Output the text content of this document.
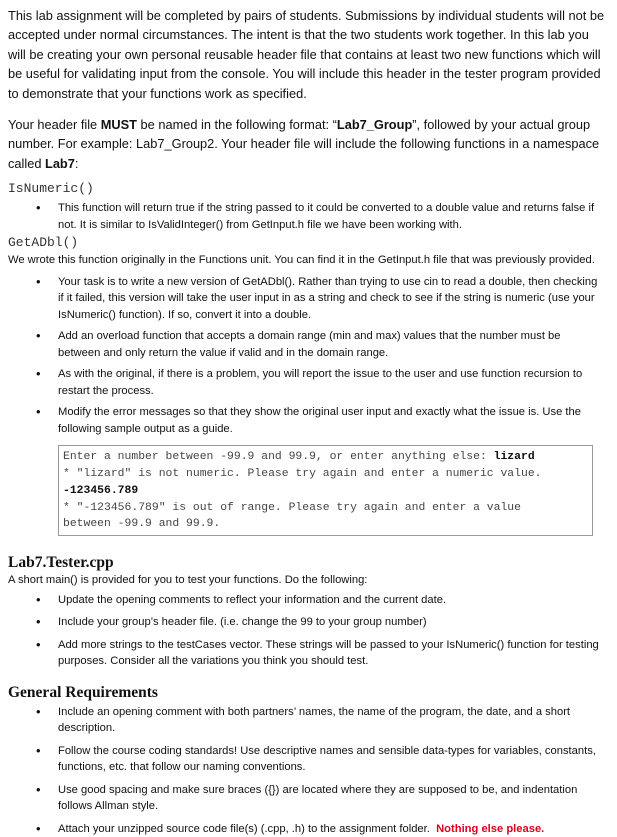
This lab assignment will be completed by pairs of students. Submissions by individual students will not be accepted under normal circumstances. The intent is that the two students work together. In this lab you will be creating your own personal reusable header file that contains at least two new functions which will be useful for validating input from the console. You will include this header in the tester program provided to demonstrate that your functions work as specified.

Your header file MUST be named in the following format: “Lab7_Group”, followed by your actual group number. For example: Lab7_Group2. Your header file will include the following functions in a namespace called Lab7:

IsNumeric()
• This function will return true if the string passed to it could be converted to a double value and returns false if not. It is similar to IsValidInteger() from GetInput.h file we have been working with.
GetADbl()

We wrote this function originally in the Functions unit. You can find it in the GetInput.h file that was previously provided.

• Your task is to write a new version of GetADbl(). Rather than trying to use cin to read a double, then checking if it failed, this version will take the user input in as a string and check to see if the string is numeric (use your IsNumeric() function). If so, convert it into a double.
• Add an overload function that accepts a domain range (min and max) values that the number must be between and only return the value if valid and in the domain range.
• As with the original, if there is a problem, you will report the issue to the user and use function recursion to restart the process.
• Modify the error messages so that they show the original user input and exactly what the issue is. Use the following sample output as a guide.
Enter a number between -99.9 and 99.9, or enter anything else: lizard
* "lizard" is not numeric. Please try again and enter a numeric value.
-123456.789
* "-123456.789" is out of range. Please try again and enter a value
between -99.9 and 99.9.
Lab7.Tester.cpp

A short main() is provided for you to test your functions. Do the following:

• Update the opening comments to reflect your information and the current date.
• Include your group’s header file. (i.e. change the 99 to your group number)
• Add more strings to the testCases vector. These strings will be passed to your IsNumeric() function for testing purposes. Consider all the variations you think you should test.
General Requirements
• Include an opening comment with both partners’ names, the name of the program, the date, and a short description.
• Follow the course coding standards! Use descriptive names and sensible data-types for variables, constants, functions, etc. that follow our naming conventions.
• Use good spacing and make sure braces ({}) are located where they are supposed to be, and indentation follows Allman style.
• Attach your unzipped source code file(s) (.cpp, .h) to the assignment folder. Nothing else please.
